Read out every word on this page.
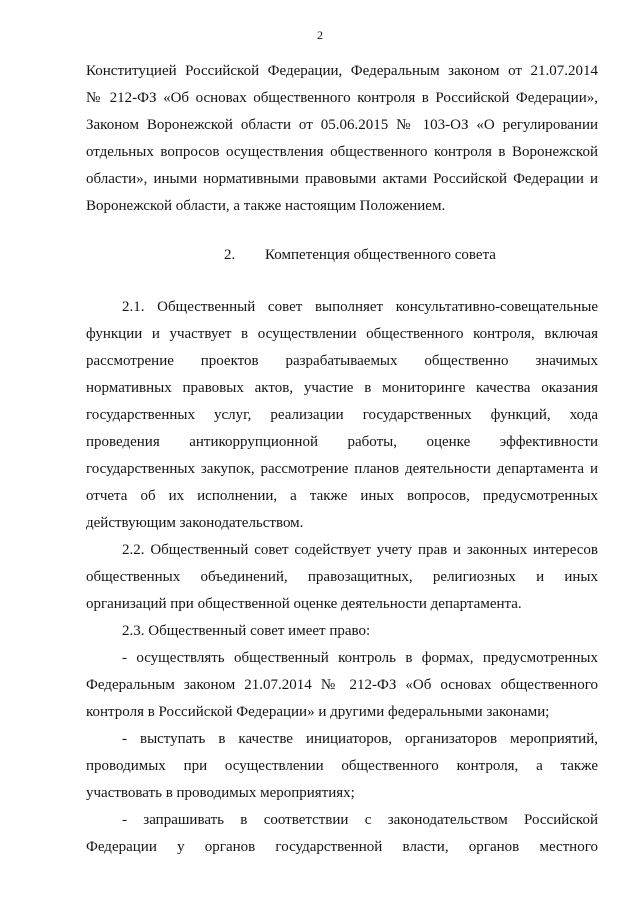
2
Конституцией Российской Федерации, Федеральным законом от 21.07.2014
№ 212-ФЗ «Об основах общественного контроля в Российской Федерации»,
Законом Воронежской области от 05.06.2015 № 103-ОЗ «О регулировании
отдельных вопросов осуществления общественного контроля в Воронежской
области», иными нормативными правовыми актами Российской Федерации и
Воронежской области, а также настоящим Положением.
2. Компетенция общественного совета
2.1. Общественный совет выполняет консультативно-совещательные
функции и участвует в осуществлении общественного контроля, включая
рассмотрение проектов разрабатываемых общественно значимых
нормативных правовых актов, участие в мониторинге качества оказания
государственных услуг, реализации государственных функций, хода
проведения антикоррупционной работы, оценке эффективности
государственных закупок, рассмотрение планов деятельности департамента и
отчета об их исполнении, а также иных вопросов, предусмотренных
действующим законодательством.
2.2. Общественный совет содействует учету прав и законных интересов
общественных объединений, правозащитных, религиозных и иных
организаций при общественной оценке деятельности департамента.
2.3. Общественный совет имеет право:
- осуществлять общественный контроль в формах, предусмотренных
Федеральным законом 21.07.2014 № 212-ФЗ «Об основах общественного
контроля в Российской Федерации» и другими федеральными законами;
- выступать в качестве инициаторов, организаторов мероприятий,
проводимых при осуществлении общественного контроля, а также
участвовать в проводимых мероприятиях;
- запрашивать в соответствии с законодательством Российской
Федерации у органов государственной власти, органов местного
